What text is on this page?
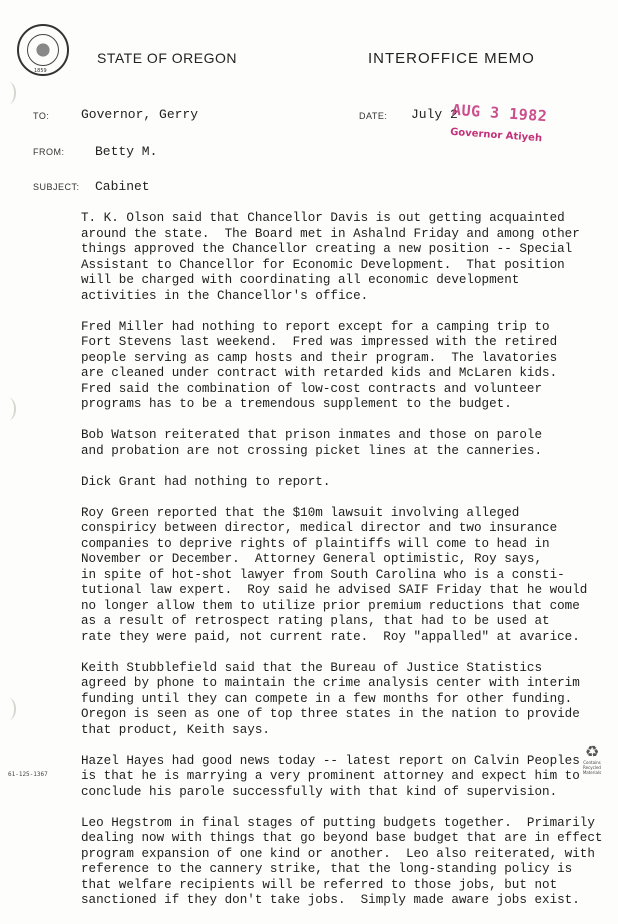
1859
STATE OF OREGON	INTEROFFICE MEMO
TO: Governor, Gerry	DATE: July 2
FROM: Betty M.
SUBJECT: Cabinet
AUG 3 1982
Governor Atiyeh

T. K. Olson said that Chancellor Davis is out getting acquainted
around the state.  The Board met in Ashalnd Friday and among other
things approved the Chancellor creating a new position -- Special
Assistant to Chancellor for Economic Development.  That position
will be charged with coordinating all economic development
activities in the Chancellor's office.

Fred Miller had nothing to report except for a camping trip to
Fort Stevens last weekend.  Fred was impressed with the retired
people serving as camp hosts and their program.  The lavatories
are cleaned under contract with retarded kids and McLaren kids.
Fred said the combination of low-cost contracts and volunteer
programs has to be a tremendous supplement to the budget.

Bob Watson reiterated that prison inmates and those on parole
and probation are not crossing picket lines at the canneries.

Dick Grant had nothing to report.

Roy Green reported that the $10m lawsuit involving alleged
conspiricy between director, medical director and two insurance
companies to deprive rights of plaintiffs will come to head in
November or December.  Attorney General optimistic, Roy says,
in spite of hot-shot lawyer from South Carolina who is a consti-
tutional law expert.  Roy said he advised SAIF Friday that he would
no longer allow them to utilize prior premium reductions that come
as a result of retrospect rating plans, that had to be used at
rate they were paid, not current rate.  Roy "appalled" at avarice.

Keith Stubblefield said that the Bureau of Justice Statistics
agreed by phone to maintain the crime analysis center with interim
funding until they can compete in a few months for other funding.
Oregon is seen as one of top three states in the nation to provide
that product, Keith says.

Hazel Hayes had good news today -- latest report on Calvin Peoples
is that he is marrying a very prominent attorney and expect him to
conclude his parole successfully with that kind of supervision.

Leo Hegstrom in final stages of putting budgets together.  Primarily
dealing now with things that go beyond base budget that are in effect
program expansion of one kind or another.  Leo also reiterated, with
reference to the cannery strike, that the long-standing policy is
that welfare recipients will be referred to those jobs, but not
sanctioned if they don't take jobs.  Simply made aware jobs exist.

61-125-1367
♻
Contains Recycled Materials
